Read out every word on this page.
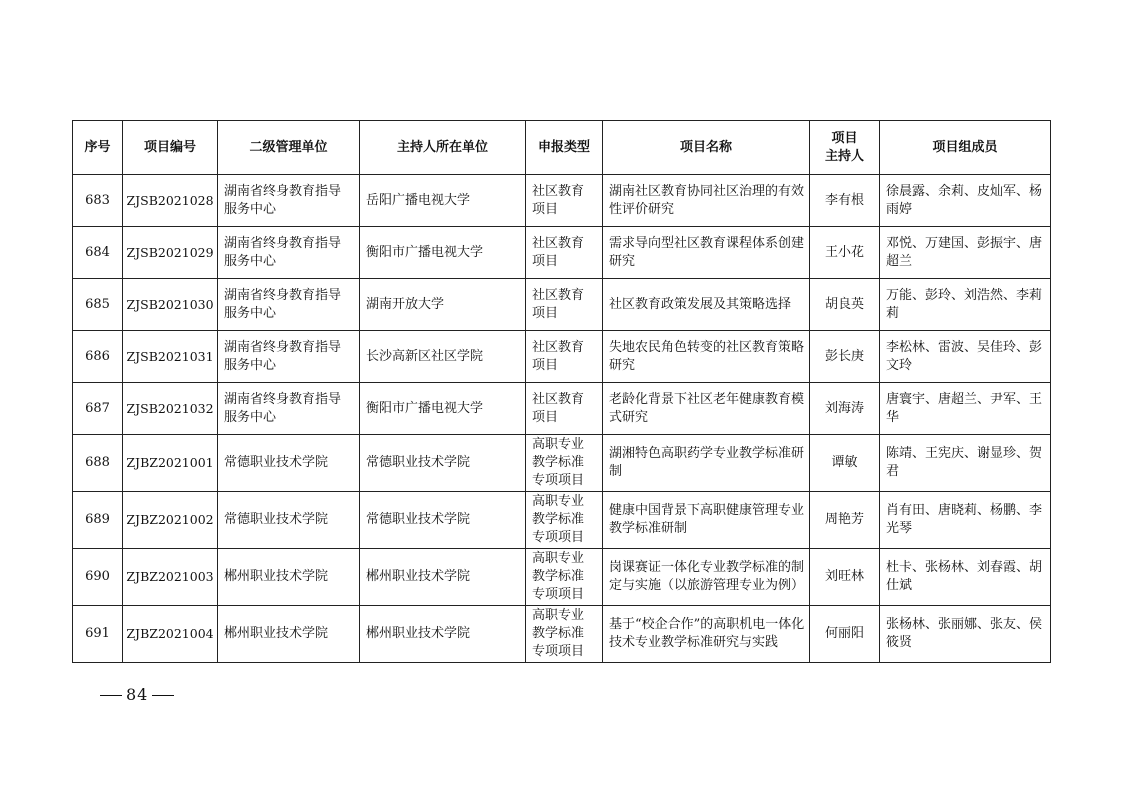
序号	项目编号	二级管理单位	主持人所在单位	申报类型	项目名称	项目
主持人	项目组成员
683	ZJSB2021028	湖南省终身教育指导服务中心	岳阳广播电视大学	社区教育项目	湖南社区教育协同社区治理的有效性评价研究	李有根	徐晨露、余莉、皮灿军、杨雨婷
684	ZJSB2021029	湖南省终身教育指导服务中心	衡阳市广播电视大学	社区教育项目	需求导向型社区教育课程体系创建研究	王小花	邓悦、万建国、彭振宇、唐超兰
685	ZJSB2021030	湖南省终身教育指导服务中心	湖南开放大学	社区教育项目	社区教育政策发展及其策略选择	胡良英	万能、彭玲、刘浩然、李莉莉
686	ZJSB2021031	湖南省终身教育指导服务中心	长沙高新区社区学院	社区教育项目	失地农民角色转变的社区教育策略研究	彭长庚	李松林、雷波、吴佳玲、彭文玲
687	ZJSB2021032	湖南省终身教育指导服务中心	衡阳市广播电视大学	社区教育项目	老龄化背景下社区老年健康教育模式研究	刘海涛	唐寰宇、唐超兰、尹军、王华
688	ZJBZ2021001	常德职业技术学院	常德职业技术学院	高职专业教学标准专项项目	湖湘特色高职药学专业教学标准研制	谭敏	陈靖、王宪庆、谢显珍、贺君
689	ZJBZ2021002	常德职业技术学院	常德职业技术学院	高职专业教学标准专项项目	健康中国背景下高职健康管理专业教学标准研制	周艳芳	肖有田、唐晓莉、杨鹏、李光琴
690	ZJBZ2021003	郴州职业技术学院	郴州职业技术学院	高职专业教学标准专项项目	岗课赛证一体化专业教学标准的制定与实施（以旅游管理专业为例）	刘旺林	杜卡、张杨林、刘春霞、胡仕斌
691	ZJBZ2021004	郴州职业技术学院	郴州职业技术学院	高职专业教学标准专项项目	基于“校企合作”的高职机电一体化技术专业教学标准研究与实践	何丽阳	张杨林、张丽娜、张友、侯筱贤
84
